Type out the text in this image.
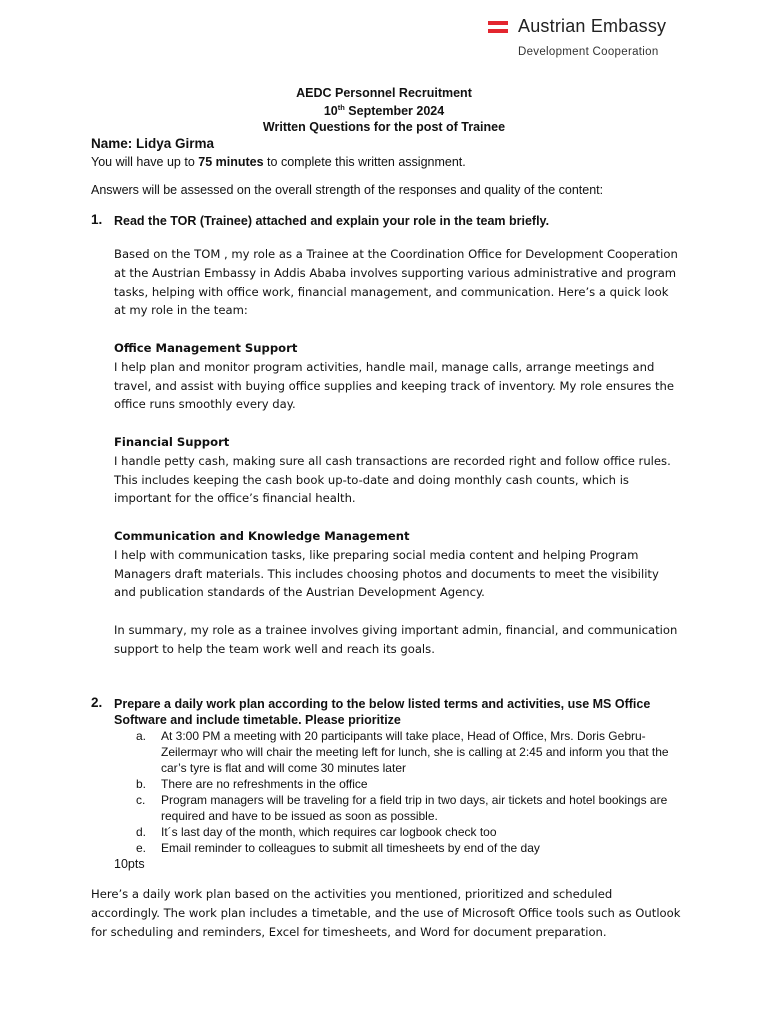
Austrian Embassy
Development Cooperation
AEDC Personnel Recruitment
10th September 2024
Written Questions for the post of Trainee
Name: Lidya Girma
You will have up to 75 minutes to complete this written assignment.
Answers will be assessed on the overall strength of the responses and quality of the content:
1. Read the TOR (Trainee) attached and explain your role in the team briefly.
Based on the TOM , my role as a Trainee at the Coordination Office for Development Cooperation at the Austrian Embassy in Addis Ababa involves supporting various administrative and program tasks, helping with office work, financial management, and communication. Here’s a quick look at my role in the team:
Office Management Support
I help plan and monitor program activities, handle mail, manage calls, arrange meetings and travel, and assist with buying office supplies and keeping track of inventory. My role ensures the office runs smoothly every day.
Financial Support
I handle petty cash, making sure all cash transactions are recorded right and follow office rules. This includes keeping the cash book up-to-date and doing monthly cash counts, which is important for the office’s financial health.
Communication and Knowledge Management
I help with communication tasks, like preparing social media content and helping Program Managers draft materials. This includes choosing photos and documents to meet the visibility and publication standards of the Austrian Development Agency.
In summary, my role as a trainee involves giving important admin, financial, and communication support to help the team work well and reach its goals.
2. Prepare a daily work plan according to the below listed terms and activities, use MS Office Software and include timetable. Please prioritize
a. At 3:00 PM a meeting with 20 participants will take place, Head of Office, Mrs. Doris Gebru-Zeilermayr who will chair the meeting left for lunch, she is calling at 2:45 and inform you that the car’s tyre is flat and will come 30 minutes later
b. There are no refreshments in the office
c. Program managers will be traveling for a field trip in two days, air tickets and hotel bookings are required and have to be issued as soon as possible.
d. It´s last day of the month, which requires car logbook check too
e. Email reminder to colleagues to submit all timesheets by end of the day
10pts
Here’s a daily work plan based on the activities you mentioned, prioritized and scheduled accordingly. The work plan includes a timetable, and the use of Microsoft Office tools such as Outlook for scheduling and reminders, Excel for timesheets, and Word for document preparation.
